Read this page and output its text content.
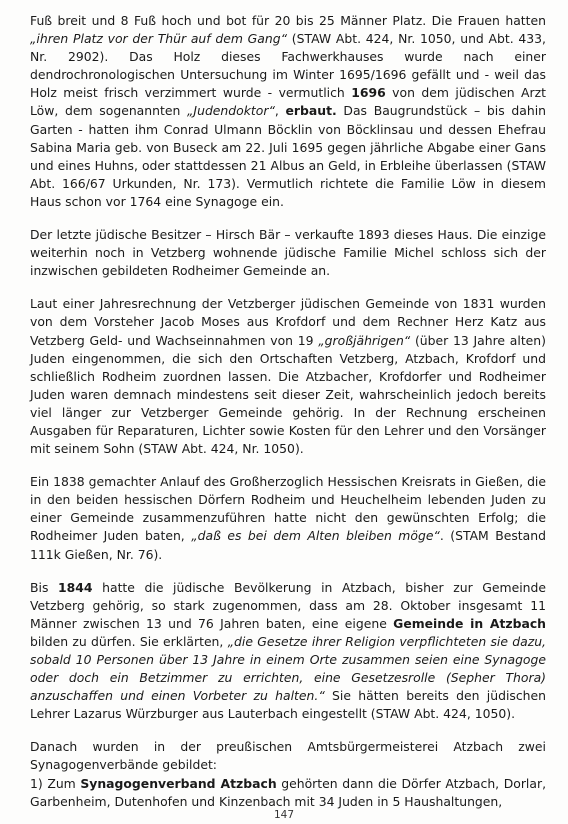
Fuß breit und 8 Fuß hoch und bot für 20 bis 25 Männer Platz. Die Frauen hatten „ihren Platz vor der Thür auf dem Gang“ (STAW Abt. 424, Nr. 1050, und Abt. 433, Nr. 2902). Das Holz dieses Fachwerkhauses wurde nach einer dendrochronologischen Untersuchung im Winter 1695/1696 gefällt und - weil das Holz meist frisch verzimmert wurde - vermutlich 1696 von dem jüdischen Arzt Löw, dem sogenannten „Judendoktor“, erbaut. Das Baugrundstück – bis dahin Garten - hatten ihm Conrad Ulmann Böcklin von Böcklinsau und dessen Ehefrau Sabina Maria geb. von Buseck am 22. Juli 1695 gegen jährliche Abgabe einer Gans und eines Huhns, oder stattdessen 21 Albus an Geld, in Erbleihe überlassen (STAW Abt. 166/67 Urkunden, Nr. 173). Vermutlich richtete die Familie Löw in diesem Haus schon vor 1764 eine Synagoge ein.

Der letzte jüdische Besitzer – Hirsch Bär – verkaufte 1893 dieses Haus. Die einzige weiterhin noch in Vetzberg wohnende jüdische Familie Michel schloss sich der inzwischen gebildeten Rodheimer Gemeinde an.

Laut einer Jahresrechnung der Vetzberger jüdischen Gemeinde von 1831 wurden von dem Vorsteher Jacob Moses aus Krofdorf und dem Rechner Herz Katz aus Vetzberg Geld- und Wachseinnahmen von 19 „großjährigen“ (über 13 Jahre alten) Juden eingenommen, die sich den Ortschaften Vetzberg, Atzbach, Krofdorf und schließlich Rodheim zuordnen lassen. Die Atzbacher, Krofdorfer und Rodheimer Juden waren demnach mindestens seit dieser Zeit, wahrscheinlich jedoch bereits viel länger zur Vetzberger Gemeinde gehörig. In der Rechnung erscheinen Ausgaben für Reparaturen, Lichter sowie Kosten für den Lehrer und den Vorsänger mit seinem Sohn (STAW Abt. 424, Nr. 1050).

Ein 1838 gemachter Anlauf des Großherzoglich Hessischen Kreisrats in Gießen, die in den beiden hessischen Dörfern Rodheim und Heuchelheim lebenden Juden zu einer Gemeinde zusammenzuführen hatte nicht den gewünschten Erfolg; die Rodheimer Juden baten, „daß es bei dem Alten bleiben möge“. (STAM Bestand 111k Gießen, Nr. 76).

Bis 1844 hatte die jüdische Bevölkerung in Atzbach, bisher zur Gemeinde Vetzberg gehörig, so stark zugenommen, dass am 28. Oktober insgesamt 11 Männer zwischen 13 und 76 Jahren baten, eine eigene Gemeinde in Atzbach bilden zu dürfen. Sie erklärten, „die Gesetze ihrer Religion verpflichteten sie dazu, sobald 10 Personen über 13 Jahre in einem Orte zusammen seien eine Synagoge oder doch ein Betzimmer zu errichten, eine Gesetzesrolle (Sepher Thora) anzuschaffen und einen Vorbeter zu halten.“ Sie hätten bereits den jüdischen Lehrer Lazarus Würzburger aus Lauterbach eingestellt (STAW Abt. 424, 1050).

Danach wurden in der preußischen Amtsbürgermeisterei Atzbach zwei Synagogenverbände gebildet:

1) Zum Synagogenverband Atzbach gehörten dann die Dörfer Atzbach, Dorlar, Garbenheim, Dutenhofen und Kinzenbach mit 34 Juden in 5 Haushaltungen,

147
